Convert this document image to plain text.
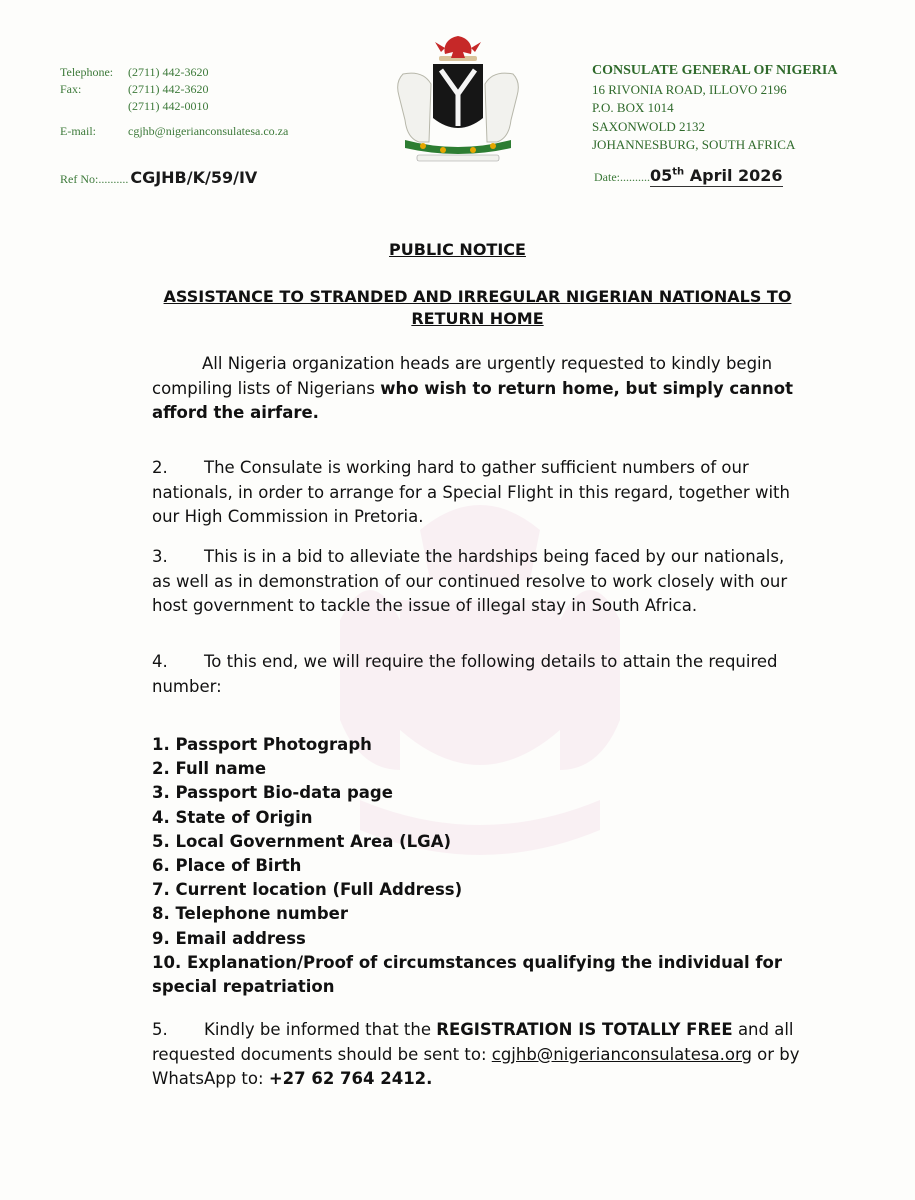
Telephone:	(2711) 442-3620
Fax:	(2711) 442-3620
(2711) 442-0010
E-mail:	cgjhb@nigerianconsulatesa.co.za
CONSULATE GENERAL OF NIGERIA
16 RIVONIA ROAD, ILLOVO 2196
P.O. BOX 1014
SAXONWOLD 2132
JOHANNESBURG, SOUTH AFRICA
Ref No: .......... CGJHB/K/59/IV	Date: .......... 05th April 2026
PUBLIC NOTICE
ASSISTANCE TO STRANDED AND IRREGULAR NIGERIAN NATIONALS TO RETURN HOME
All Nigeria organization heads are urgently requested to kindly begin compiling lists of Nigerians who wish to return home, but simply cannot afford the airfare.
2. The Consulate is working hard to gather sufficient numbers of our nationals, in order to arrange for a Special Flight in this regard, together with our High Commission in Pretoria.
3. This is in a bid to alleviate the hardships being faced by our nationals, as well as in demonstration of our continued resolve to work closely with our host government to tackle the issue of illegal stay in South Africa.
4. To this end, we will require the following details to attain the required number:
1. Passport Photograph
2. Full name
3. Passport Bio-data page
4. State of Origin
5. Local Government Area (LGA)
6. Place of Birth
7. Current location (Full Address)
8. Telephone number
9. Email address
10. Explanation/Proof of circumstances qualifying the individual for special repatriation
5. Kindly be informed that the REGISTRATION IS TOTALLY FREE and all requested documents should be sent to: cgjhb@nigerianconsulatesa.org or by WhatsApp to: +27 62 764 2412.
